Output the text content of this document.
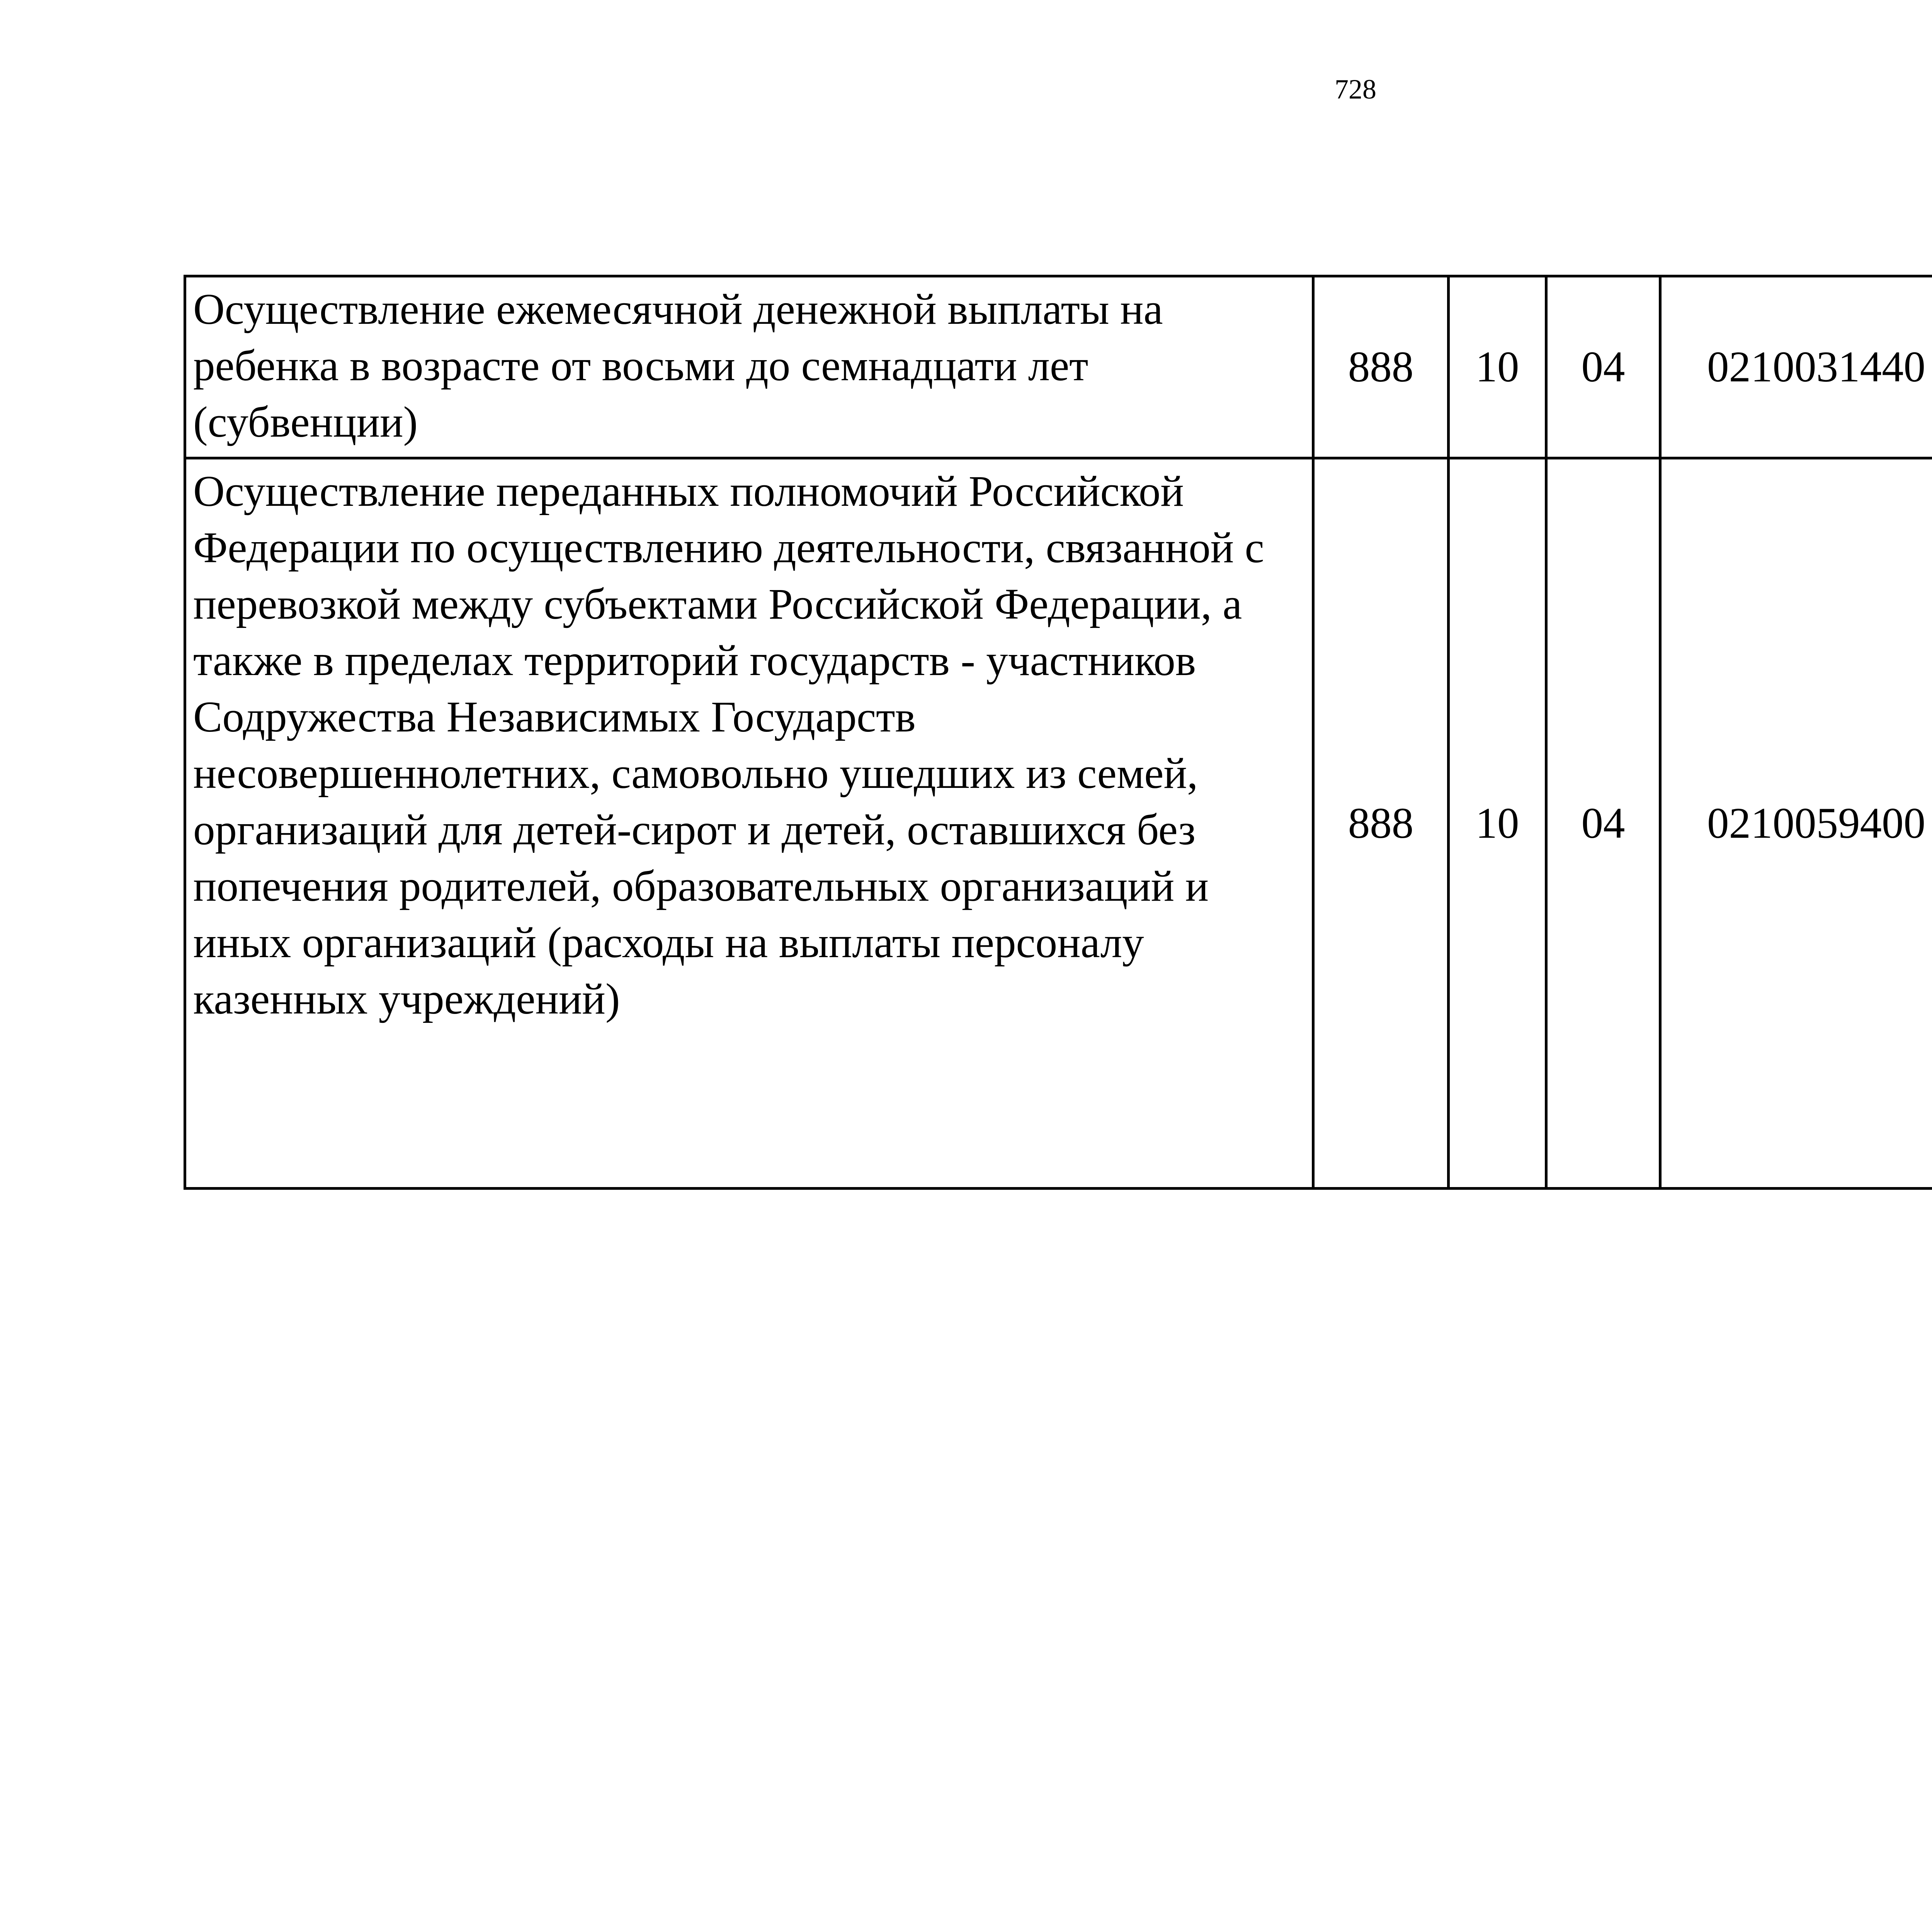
728
Осуществление ежемесячной денежной выплаты на ребенка в возрасте от восьми до семнадцати лет (субвенции)	888	10	04	0210031440		
Осуществление переданных полномочий Российской Федерации по осуществлению деятельности, связанной с перевозкой между субъектами Российской Федерации, а также в пределах территорий государств - участников Содружества Независимых Государств несовершеннолетних, самовольно ушедших из семей, организаций для детей-сирот и детей, оставшихся без попечения родителей, образовательных организаций и иных организаций (расходы на выплаты персоналу казенных учреждений)	888	10	04	0210059400		
